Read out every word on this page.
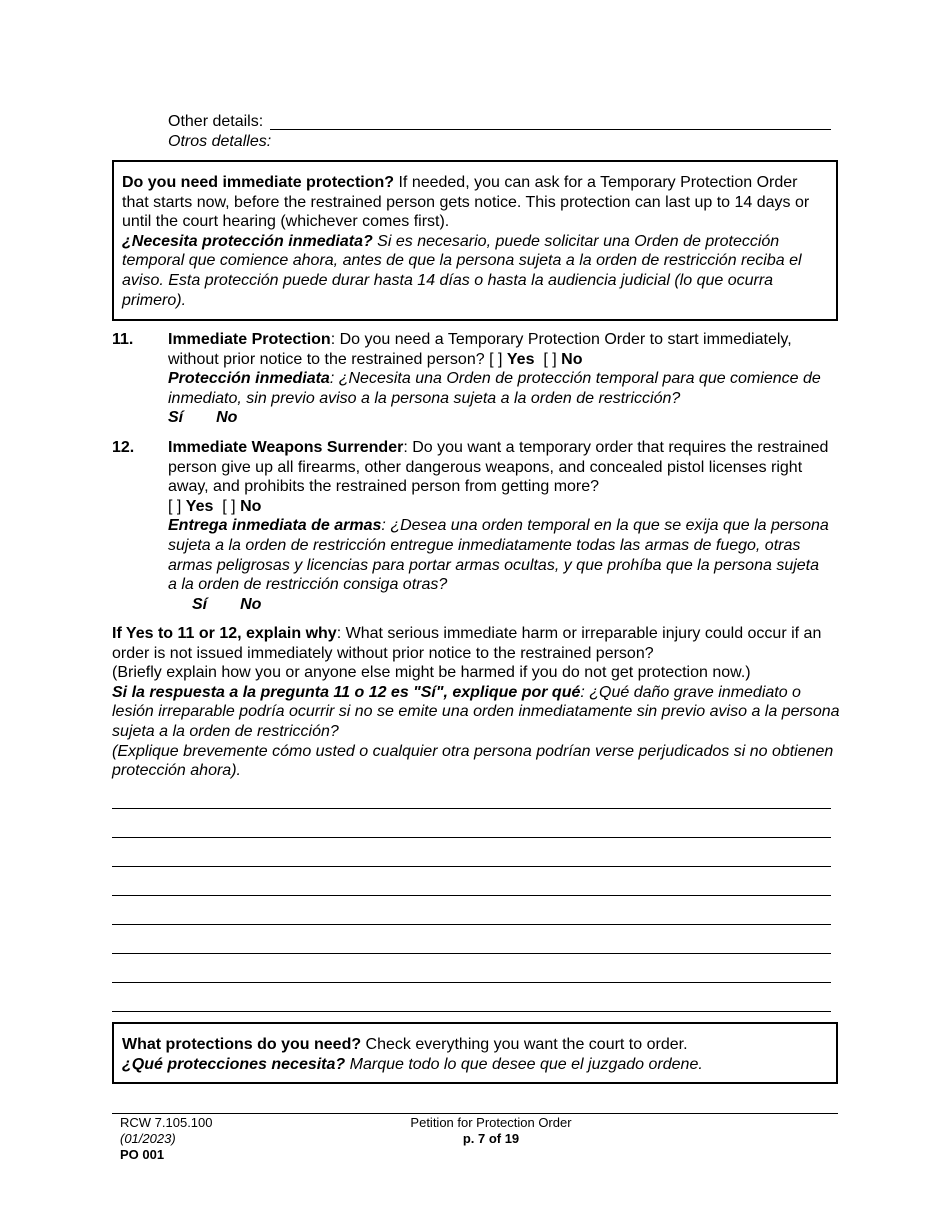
Other details:
Otros detalles:
Do you need immediate protection? If needed, you can ask for a Temporary Protection Order that starts now, before the restrained person gets notice. This protection can last up to 14 days or until the court hearing (whichever comes first).
¿Necesita protección inmediata? Si es necesario, puede solicitar una Orden de protección temporal que comience ahora, antes de que la persona sujeta a la orden de restricción reciba el aviso. Esta protección puede durar hasta 14 días o hasta la audiencia judicial (lo que ocurra primero).
11. Immediate Protection: Do you need a Temporary Protection Order to start immediately, without prior notice to the restrained person? [ ] Yes [ ] No
Protección inmediata: ¿Necesita una Orden de protección temporal para que comience de inmediato, sin previo aviso a la persona sujeta a la orden de restricción?
Sí No
12. Immediate Weapons Surrender: Do you want a temporary order that requires the restrained person give up all firearms, other dangerous weapons, and concealed pistol licenses right away, and prohibits the restrained person from getting more?
[ ] Yes [ ] No
Entrega inmediata de armas: ¿Desea una orden temporal en la que se exija que la persona sujeta a la orden de restricción entregue inmediatamente todas las armas de fuego, otras armas peligrosas y licencias para portar armas ocultas, y que prohíba que la persona sujeta a la orden de restricción consiga otras?
Sí No
If Yes to 11 or 12, explain why: What serious immediate harm or irreparable injury could occur if an order is not issued immediately without prior notice to the restrained person?
(Briefly explain how you or anyone else might be harmed if you do not get protection now.)
Si la respuesta a la pregunta 11 o 12 es "Sí", explique por qué: ¿Qué daño grave inmediato o lesión irreparable podría ocurrir si no se emite una orden inmediatamente sin previo aviso a la persona sujeta a la orden de restricción?
(Explique brevemente cómo usted o cualquier otra persona podrían verse perjudicados si no obtienen protección ahora).
What protections do you need? Check everything you want the court to order.
¿Qué protecciones necesita? Marque todo lo que desee que el juzgado ordene.
RCW 7.105.100
(01/2023)
PO 001
Petition for Protection Order
p. 7 of 19
